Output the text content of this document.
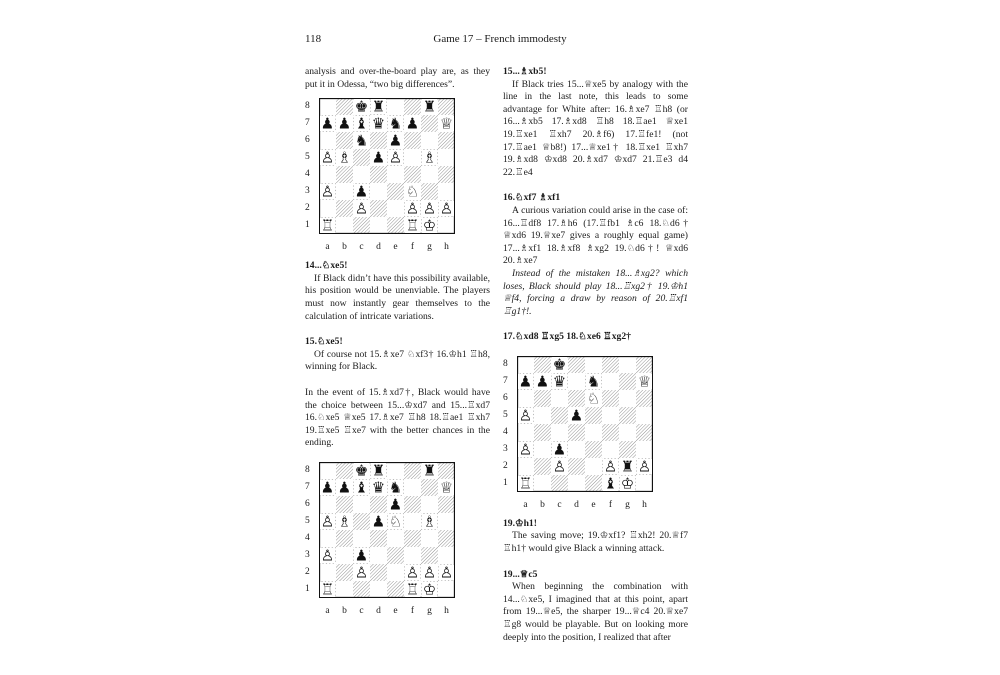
118	Game 17 – French immodesty

analysis and over-the-board play are, as they put it in Odessa, “two big differences”.

8
7
6
5
4
3
2
1
♚ ♜	♜
♟ ♟ ♝ ♛ ♞ ♟ ♕
♞ ♟
♙ ♗ ♟ ♙ ♗
♙ ♟	♘
♙	♙ ♙ ♙
♖	♖ ♔
a b c d e f g h

14...♘xe5!

If Black didn’t have this possibility available, his position would be unenviable. The players must now instantly gear themselves to the calculation of intricate variations.

15.♘xe5!

Of course not 15.♗xe7 ♘xf3† 16.♔h1 ♖h8, winning for Black.

In the event of 15.♗xd7†, Black would have the choice between 15...♔xd7 and 15...♖xd7 16.♘xe5 ♕xe5 17.♗xe7 ♖h8 18.♖ae1 ♖xh7 19.♖xe5 ♖xe7 with the better chances in the ending.

8
7
6
5
4
3
2
1
♚ ♜	♜
♟ ♟ ♝ ♛ ♞	♕
♟
♙ ♗ ♟ ♘ ♗
♙ ♟
♙	♙ ♙ ♙
♖	♖ ♔
a b c d e f g h

15...♗xb5!

If Black tries 15...♕xe5 by analogy with the line in the last note, this leads to some advantage for White after: 16.♗xe7 ♖h8 (or 16...♗xb5 17.♗xd8 ♖h8 18.♖ae1 ♕xe1 19.♖xe1 ♖xh7 20.♗f6) 17.♖fe1! (not 17.♖ae1 ♕b8!) 17...♕xe1† 18.♖xe1 ♖xh7 19.♗xd8 ♔xd8 20.♗xd7 ♔xd7 21.♖e3 d4 22.♖e4

16.♘xf7 ♗xf1

A curious variation could arise in the case of: 16...♖df8 17.♗h6 (17.♖fb1 ♗c6 18.♘d6† ♕xd6 19.♕xe7 gives a roughly equal game) 17...♗xf1 18.♗xf8 ♗xg2 19.♘d6†! ♕xd6 20.♗xe7

Instead of the mistaken 18...♗xg2? which loses, Black should play 18...♖xg2† 19.♔h1 ♕f4, forcing a draw by reason of 20.♖xf1 ♖g1†!.

17.♘xd8 ♖xg5 18.♘xe6 ♖xg2†

8
7
6
5
4
3
2
1
♚
♟ ♟ ♛ ♞	♕
♘
♙	♟
♙ ♟
♙	♙ ♜ ♙
♖	♝ ♔
a b c d e f g h

19.♔h1!

The saving move; 19.♔xf1? ♖xh2! 20.♕f7 ♖h1† would give Black a winning attack.

19...♕c5

When beginning the combination with 14...♘xe5, I imagined that at this point, apart from 19...♕e5, the sharper 19...♕c4 20.♕xe7 ♖g8 would be playable. But on looking more deeply into the position, I realized that after
